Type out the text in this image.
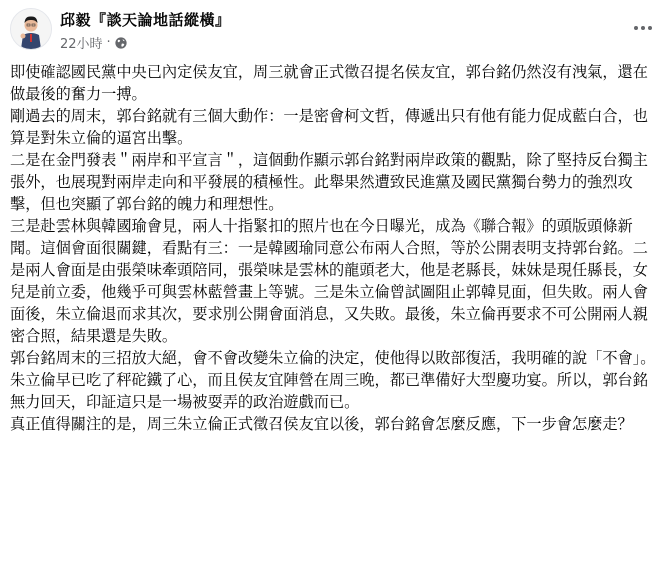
邱毅『談天論地話縱橫』
22小時 ·

即使確認國民黨中央已內定侯友宜，周三就會正式徵召提名侯友宜，郭台銘仍然沒有洩氣，還在做最後的奮力一搏。

剛過去的周末，郭台銘就有三個大動作：一是密會柯文哲，傳遞出只有他有能力促成藍白合，也算是對朱立倫的逼宮出擊。

二是在金門發表＂兩岸和平宣言＂，這個動作顯示郭台銘對兩岸政策的觀點，除了堅持反台獨主張外，也展現對兩岸走向和平發展的積極性。此舉果然遭致民進黨及國民黨獨台勢力的強烈攻擊，但也突顯了郭台銘的魄力和理想性。

三是赴雲林與韓國瑜會見，兩人十指緊扣的照片也在今日曝光，成為《聯合報》的頭版頭條新聞。這個會面很關鍵，看點有三：一是韓國瑜同意公布兩人合照，等於公開表明支持郭台銘。二是兩人會面是由張榮味牽頭陪同，張榮味是雲林的龍頭老大，他是老縣長，妹妹是現任縣長，女兒是前立委，他幾乎可與雲林藍營畫上等號。三是朱立倫曾試圖阻止郭韓見面，但失敗。兩人會面後，朱立倫退而求其次，要求別公開會面消息，又失敗。最後，朱立倫再要求不可公開兩人親密合照，結果還是失敗。

郭台銘周末的三招放大絕，會不會改變朱立倫的決定，使他得以敗部復活，我明確的說「不會」。朱立倫早已吃了秤砣鐵了心，而且侯友宜陣營在周三晚，都已準備好大型慶功宴。所以，郭台銘無力回天，印証這只是一場被耍弄的政治遊戲而已。

真正值得關注的是，周三朱立倫正式徵召侯友宜以後，郭台銘會怎麼反應，下一步會怎麼走？
